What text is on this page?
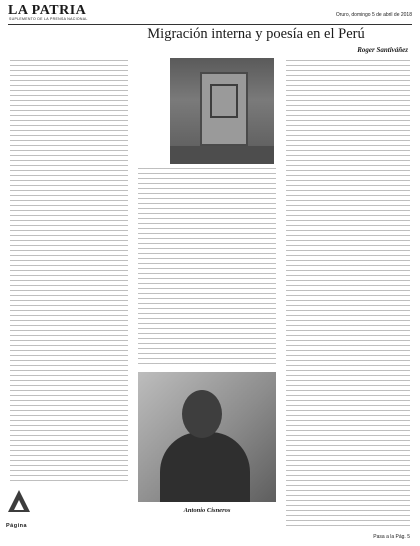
LA PATRIA
SUPLEMENTO DE LA PRENSA NACIONAL
Oruro, domingo 5 de abril de 2018
Migración interna y poesía en el Perú
Roger Santiváñez
Antonio Cisneros
Página
Pasa a la Pág. 5
